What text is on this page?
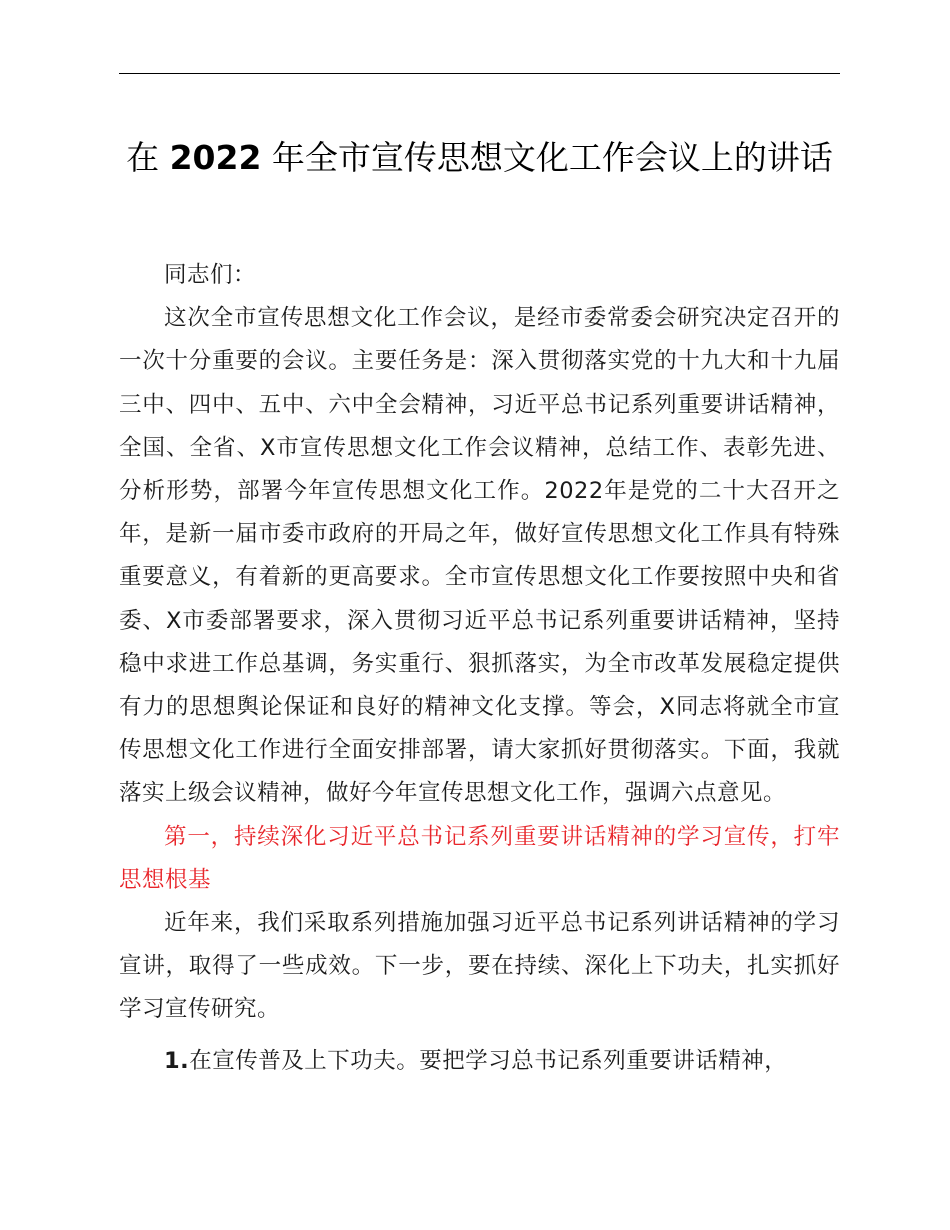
在 2022 年全市宣传思想文化工作会议上的讲话

同志们：

这次全市宣传思想文化工作会议，是经市委常委会研究决定召开的一次十分重要的会议。主要任务是：深入贯彻落实党的十九大和十九届三中、四中、五中、六中全会精神，习近平总书记系列重要讲话精神，全国、全省、X市宣传思想文化工作会议精神，总结工作、表彰先进、分析形势，部署今年宣传思想文化工作。2022年是党的二十大召开之年，是新一届市委市政府的开局之年，做好宣传思想文化工作具有特殊重要意义，有着新的更高要求。全市宣传思想文化工作要按照中央和省委、X市委部署要求，深入贯彻习近平总书记系列重要讲话精神，坚持稳中求进工作总基调，务实重行、狠抓落实，为全市改革发展稳定提供有力的思想舆论保证和良好的精神文化支撑。等会，X同志将就全市宣传思想文化工作进行全面安排部署，请大家抓好贯彻落实。下面，我就落实上级会议精神，做好今年宣传思想文化工作，强调六点意见。

第一，持续深化习近平总书记系列重要讲话精神的学习宣传，打牢思想根基

近年来，我们采取系列措施加强习近平总书记系列讲话精神的学习宣讲，取得了一些成效。下一步，要在持续、深化上下功夫，扎实抓好学习宣传研究。

1.在宣传普及上下功夫。要把学习总书记系列重要讲话精神，
